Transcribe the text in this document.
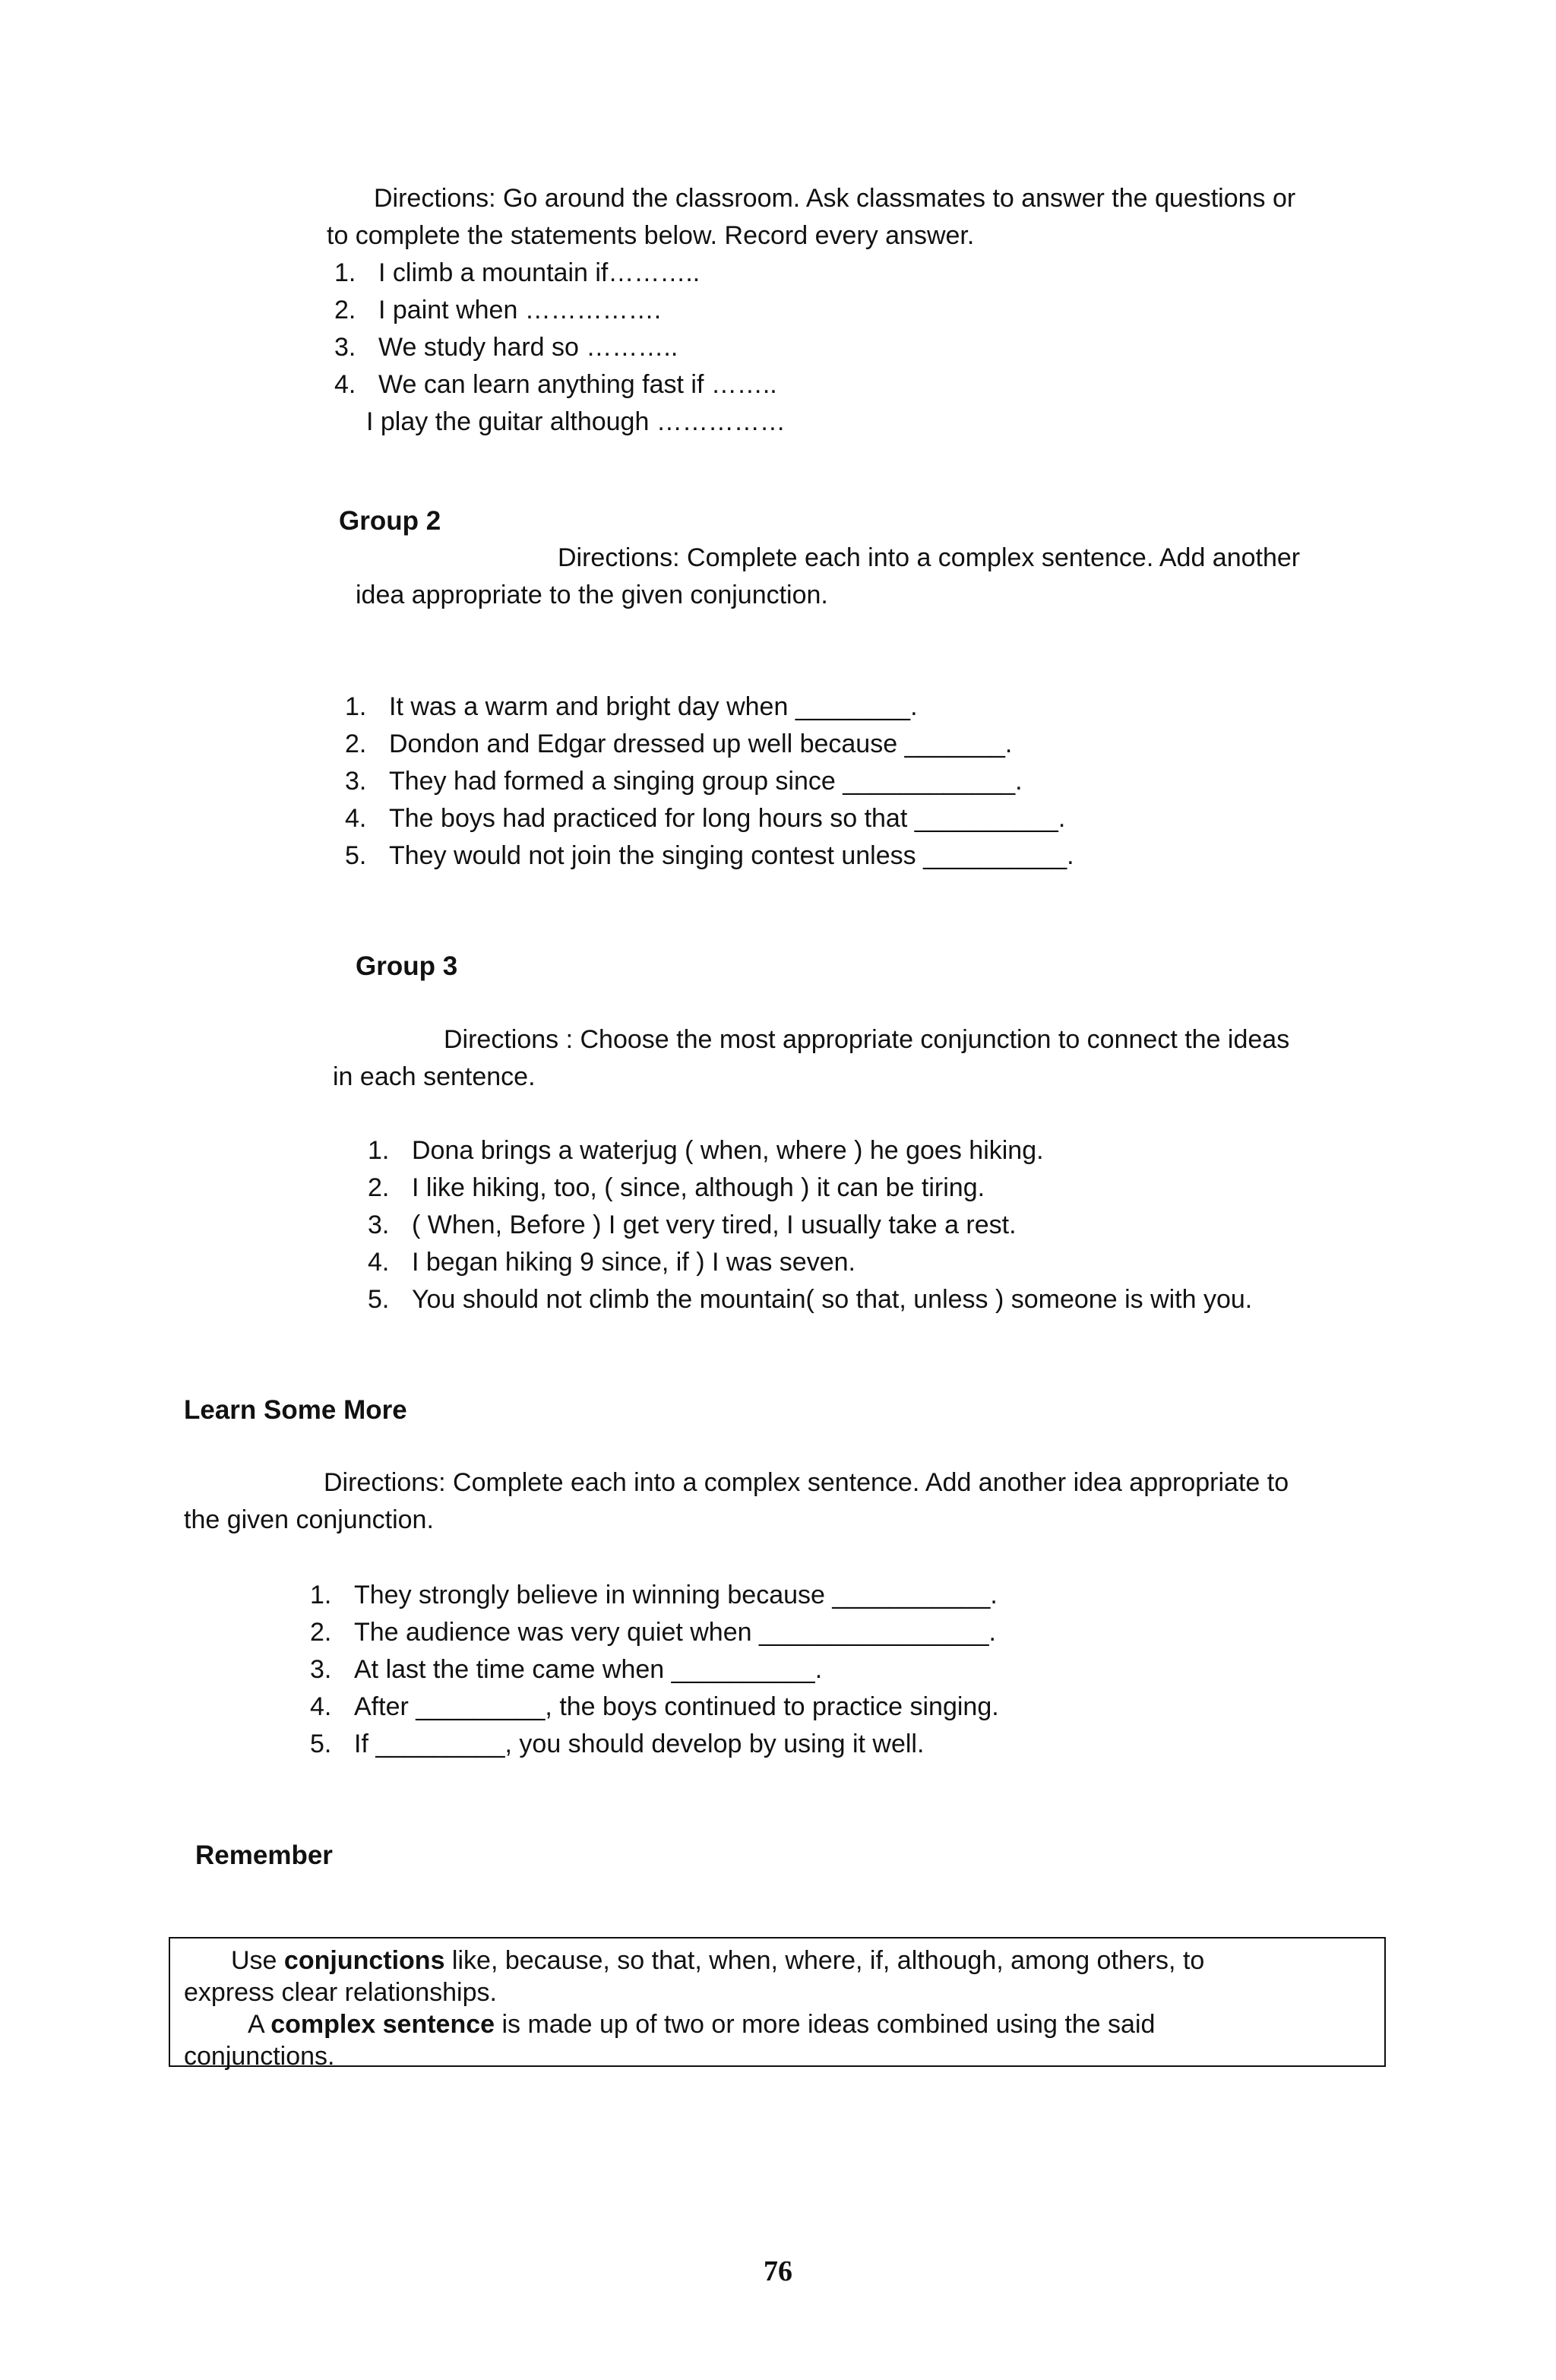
Directions: Go around the classroom. Ask classmates to answer the questions or
to complete the statements below. Record every answer.
1. I climb a mountain if………..
2. I paint when …………….
3. We study hard so ………..
4. We can learn anything fast if ……..
I play the guitar although ……………
Group 2
Directions: Complete each into a complex sentence. Add another
idea appropriate to the given conjunction.
1. It was a warm and bright day when ________.
2. Dondon and Edgar dressed up well because _______.
3. They had formed a singing group since ____________.
4. The boys had practiced for long hours so that __________.
5. They would not join the singing contest unless __________.
Group 3
Directions : Choose the most appropriate conjunction to connect the ideas
in each sentence.
1. Dona brings a waterjug ( when, where ) he goes hiking.
2. I like hiking, too, ( since, although ) it can be tiring.
3. ( When, Before ) I get very tired, I usually take a rest.
4. I began hiking 9 since, if ) I was seven.
5. You should not climb the mountain( so that, unless ) someone is with you.
Learn Some More
Directions: Complete each into a complex sentence. Add another idea appropriate to
the given conjunction.
1. They strongly believe in winning because ___________.
2. The audience was very quiet when ________________.
3. At last the time came when __________.
4. After _________, the boys continued to practice singing.
5. If _________, you should develop by using it well.
Remember
Use conjunctions like, because, so that, when, where, if, although, among others, to
express clear relationships.
A complex sentence is made up of two or more ideas combined using the said
conjunctions.
76
